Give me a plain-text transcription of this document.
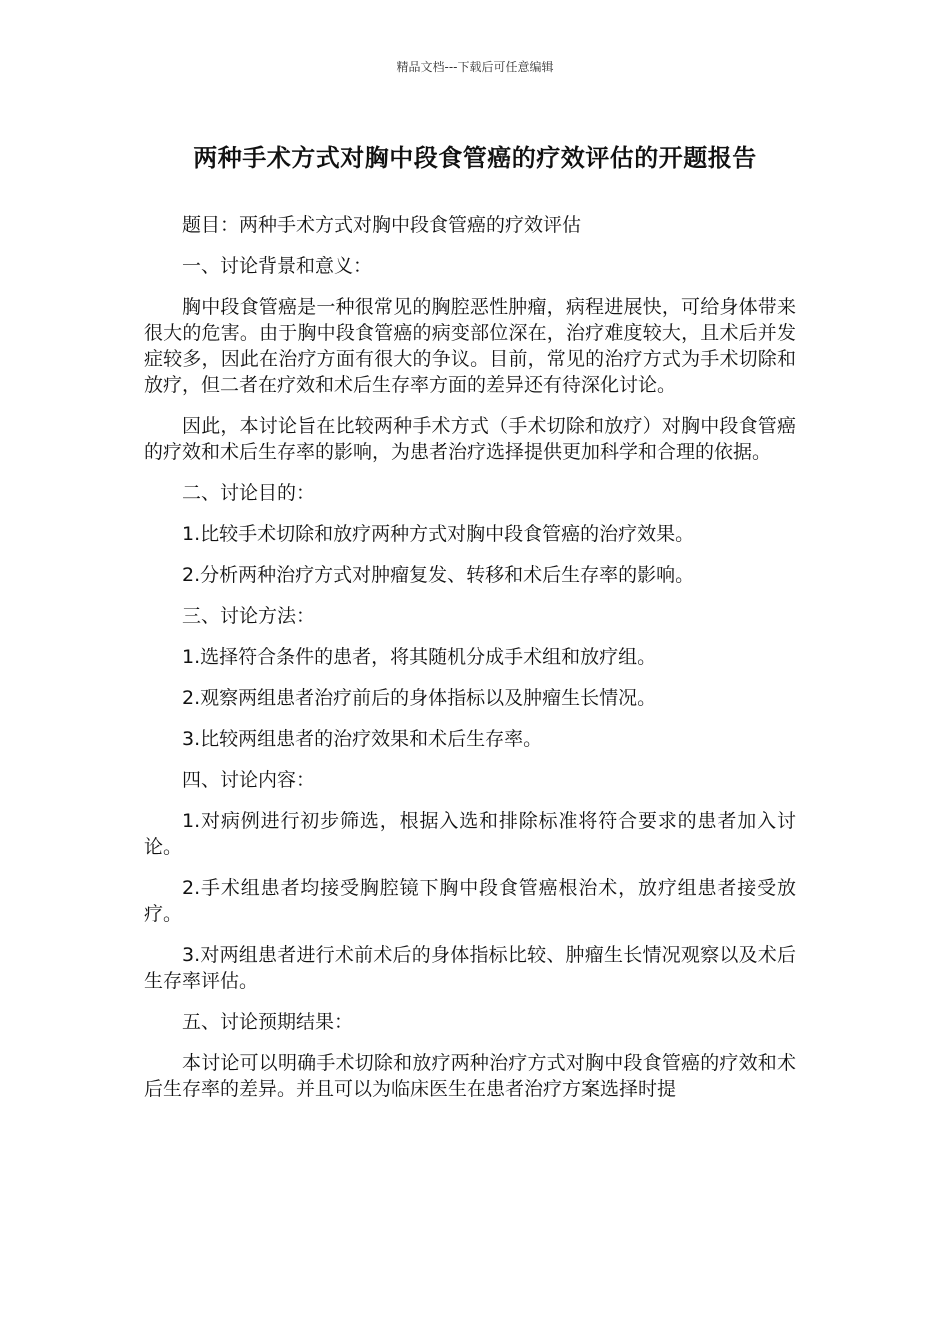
精品文档---下载后可任意编辑
两种手术方式对胸中段食管癌的疗效评估的开题报告

题目：两种手术方式对胸中段食管癌的疗效评估

一、讨论背景和意义：

胸中段食管癌是一种很常见的胸腔恶性肿瘤，病程进展快，可给身体带来很大的危害。由于胸中段食管癌的病变部位深在，治疗难度较大，且术后并发症较多，因此在治疗方面有很大的争议。目前，常见的治疗方式为手术切除和放疗，但二者在疗效和术后生存率方面的差异还有待深化讨论。

因此，本讨论旨在比较两种手术方式（手术切除和放疗）对胸中段食管癌的疗效和术后生存率的影响，为患者治疗选择提供更加科学和合理的依据。

二、讨论目的：

1.比较手术切除和放疗两种方式对胸中段食管癌的治疗效果。

2.分析两种治疗方式对肿瘤复发、转移和术后生存率的影响。

三、讨论方法：

1.选择符合条件的患者，将其随机分成手术组和放疗组。

2.观察两组患者治疗前后的身体指标以及肿瘤生长情况。

3.比较两组患者的治疗效果和术后生存率。

四、讨论内容：

1.对病例进行初步筛选，根据入选和排除标准将符合要求的患者加入讨论。

2.手术组患者均接受胸腔镜下胸中段食管癌根治术，放疗组患者接受放疗。

3.对两组患者进行术前术后的身体指标比较、肿瘤生长情况观察以及术后生存率评估。

五、讨论预期结果：

本讨论可以明确手术切除和放疗两种治疗方式对胸中段食管癌的疗效和术后生存率的差异。并且可以为临床医生在患者治疗方案选择时提
